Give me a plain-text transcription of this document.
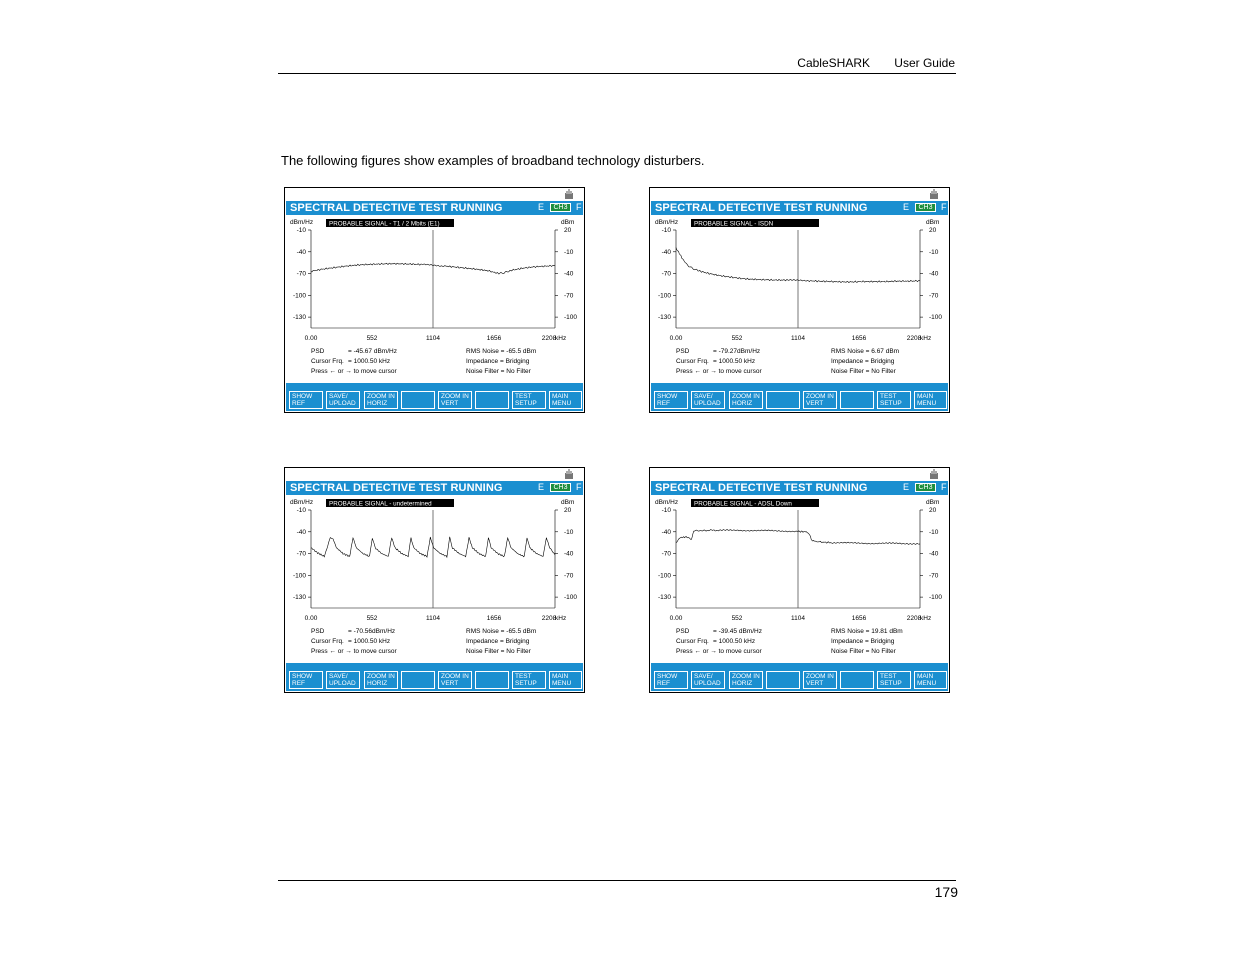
CableSHARK User Guide
The following figures show examples of broadband technology disturbers.
SPECTRAL DETECTIVE TEST RUNNING	E	CH3 F
PROBABLE SIGNAL - T1 / 2 Mbits (E1)
dBm/Hz	dBm
-10
-40
-70
-100
-130
20
-10
-40
-70
-100
0.00	552	1104	1656	2208
kHz
PSD	= -45.67 dBm/Hz
Cursor Frq. = 1000.50 kHz
Press ← or → to move cursor
RMS Noise = -65.5 dBm
Impedance = Bridging
Noise Filter = No Filter
SHOW
REF
SAVE/
UPLOAD
ZOOM IN
HORIZ
ZOOM IN
VERT
TEST
SETUP
MAIN
MENU
SPECTRAL DETECTIVE TEST RUNNING	E	CH3 F
PROBABLE SIGNAL - ISDN
dBm/Hz	dBm
-10
-40
-70
-100
-130
20
-10
-40
-70
-100
0.00	552	1104	1656	2208
kHz
PSD	= -79.27dBm/Hz
Cursor Frq. = 1000.50 kHz
Press ← or → to move cursor
RMS Noise = 6.67 dBm
Impedance = Bridging
Noise Filter = No Filter
SHOW
REF
SAVE/
UPLOAD
ZOOM IN
HORIZ
ZOOM IN
VERT
TEST
SETUP
MAIN
MENU
SPECTRAL DETECTIVE TEST RUNNING	E	CH3 F
PROBABLE SIGNAL - undetermined
dBm/Hz	dBm
-10
-40
-70
-100
-130
20
-10
-40
-70
-100
0.00	552	1104	1656	2208
kHz
PSD	= -70.56dBm/Hz
Cursor Frq. = 1000.50 kHz
Press ← or → to move cursor
RMS Noise = -65.5 dBm
Impedance = Bridging
Noise Filter = No Filter
SHOW
REF
SAVE/
UPLOAD
ZOOM IN
HORIZ
ZOOM IN
VERT
TEST
SETUP
MAIN
MENU
SPECTRAL DETECTIVE TEST RUNNING	E	CH3 F
PROBABLE SIGNAL - ADSL Down
dBm/Hz	dBm
-10
-40
-70
-100
-130
20
-10
-40
-70
-100
0.00	552	1104	1656	2208
kHz
PSD	= -39.45 dBm/Hz
Cursor Frq. = 1000.50 kHz
Press ← or → to move cursor
RMS Noise = 19.81 dBm
Impedance = Bridging
Noise Filter = No Filter
SHOW
REF
SAVE/
UPLOAD
ZOOM IN
HORIZ
ZOOM IN
VERT
TEST
SETUP
MAIN
MENU
179
